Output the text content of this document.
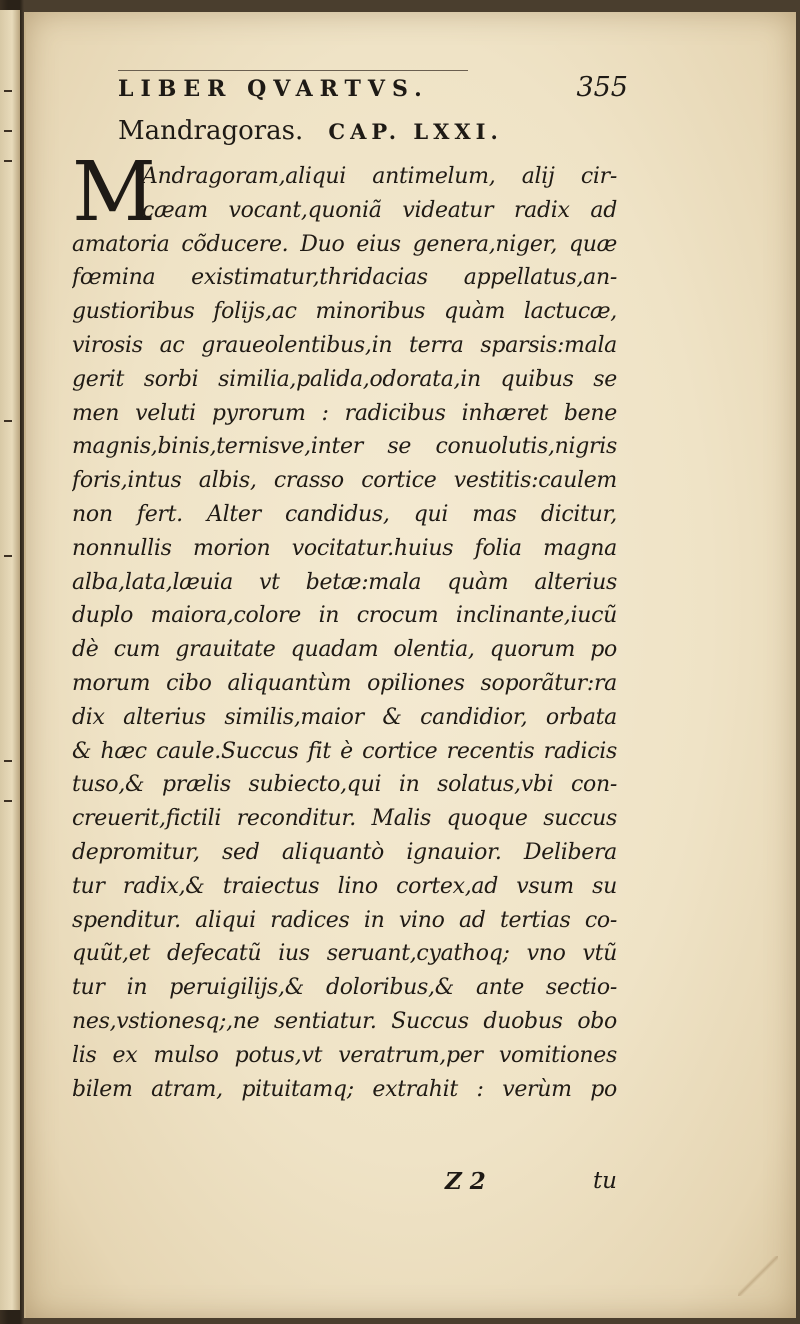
LIBER QVARTVS.	355
Mandragoras. CAP. LXXI.
M
Andragoram,aliqui antimelum, alij cir-
cæam vocant,quoniã videatur radix ad
amatoria cõducere. Duo eius genera,niger, quæ
fœmina existimatur,thridacias appellatus,an-
gustioribus folijs,ac minoribus quàm lactucæ,
virosis ac graueolentibus,in terra sparsis:mala
gerit sorbi similia,palida,odorata,in quibus se
men veluti pyrorum : radicibus inhæret bene
magnis,binis,ternisve,inter se conuolutis,nigris
foris,intus albis, crasso cortice vestitis:caulem
non fert. Alter candidus, qui mas dicitur,
nonnullis morion vocitatur.huius folia magna
alba,lata,læuia vt betæ:mala quàm alterius
duplo maiora,colore in crocum inclinante,iucũ
dè cum grauitate quadam olentia, quorum po
morum cibo aliquantùm opiliones soporãtur:ra
dix alterius similis,maior & candidior, orbata
& hæc caule.Succus fit è cortice recentis radicis
tuso,& prælis subiecto,qui in solatus,vbi con-
creuerit,fictili reconditur. Malis quoque succus
depromitur, sed aliquantò ignauior. Delibera
tur radix,& traiectus lino cortex,ad vsum su
spenditur. aliqui radices in vino ad tertias co-
quũt,et defecatũ ius seruant,cyathoq; vno vtũ
tur in peruigilijs,& doloribus,& ante sectio-
nes,vstionesq;,ne sentiatur. Succus duobus obo
lis ex mulso potus,vt veratrum,per vomitiones
bilem atram, pituitamq; extrahit : verùm po
Z 2	tu
